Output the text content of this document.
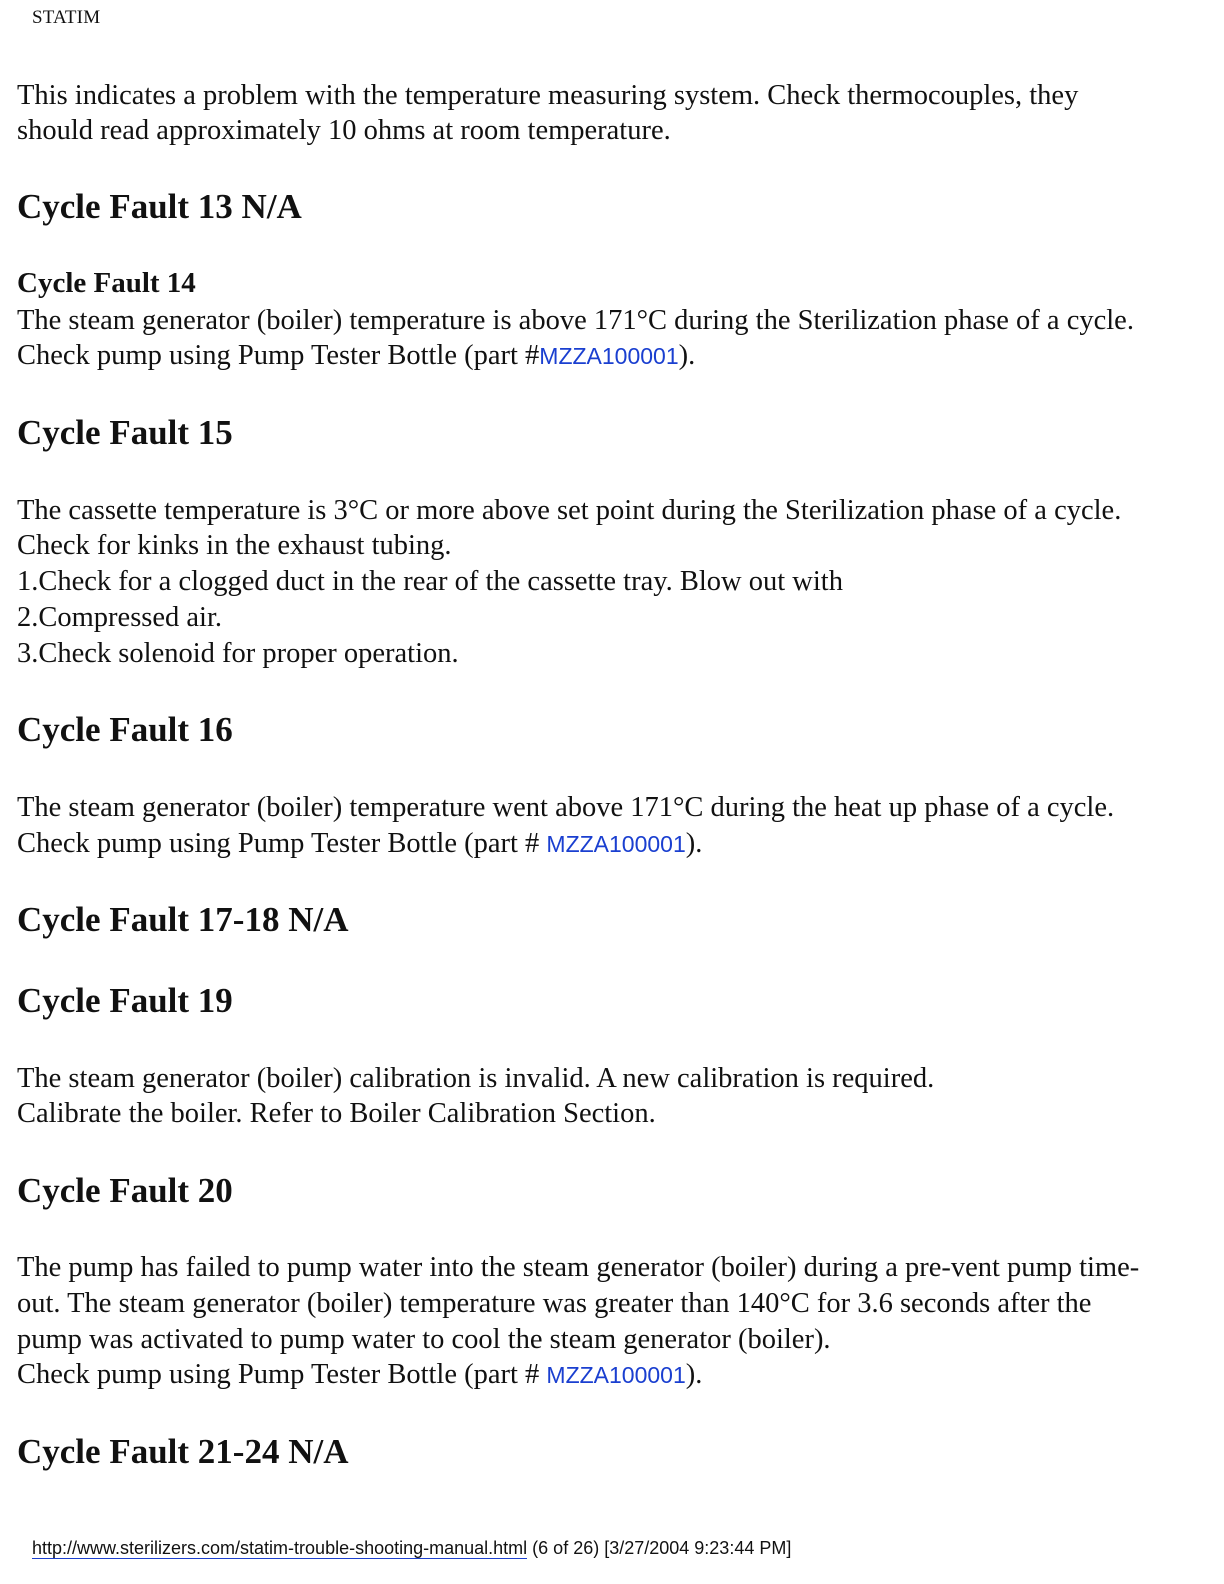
STATIM

This indicates a problem with the temperature measuring system. Check thermocouples, they

should read approximately 10 ohms at room temperature.

Cycle Fault 13 N/A
Cycle Fault 14

The steam generator (boiler) temperature is above 171°C during the Sterilization phase of a cycle.

Check pump using Pump Tester Bottle (part #MZZA100001).

Cycle Fault 15

The cassette temperature is 3°C or more above set point during the Sterilization phase of a cycle.

Check for kinks in the exhaust tubing.

1.Check for a clogged duct in the rear of the cassette tray. Blow out with

2.Compressed air.

3.Check solenoid for proper operation.

Cycle Fault 16

The steam generator (boiler) temperature went above 171°C during the heat up phase of a cycle.

Check pump using Pump Tester Bottle (part # MZZA100001).

Cycle Fault 17-18 N/A
Cycle Fault 19

The steam generator (boiler) calibration is invalid. A new calibration is required.

Calibrate the boiler. Refer to Boiler Calibration Section.

Cycle Fault 20

The pump has failed to pump water into the steam generator (boiler) during a pre-vent pump time-

out. The steam generator (boiler) temperature was greater than 140°C for 3.6 seconds after the

pump was activated to pump water to cool the steam generator (boiler).

Check pump using Pump Tester Bottle (part # MZZA100001).

Cycle Fault 21-24 N/A
http://www.sterilizers.com/statim-trouble-shooting-manual.html (6 of 26) [3/27/2004 9:23:44 PM]
